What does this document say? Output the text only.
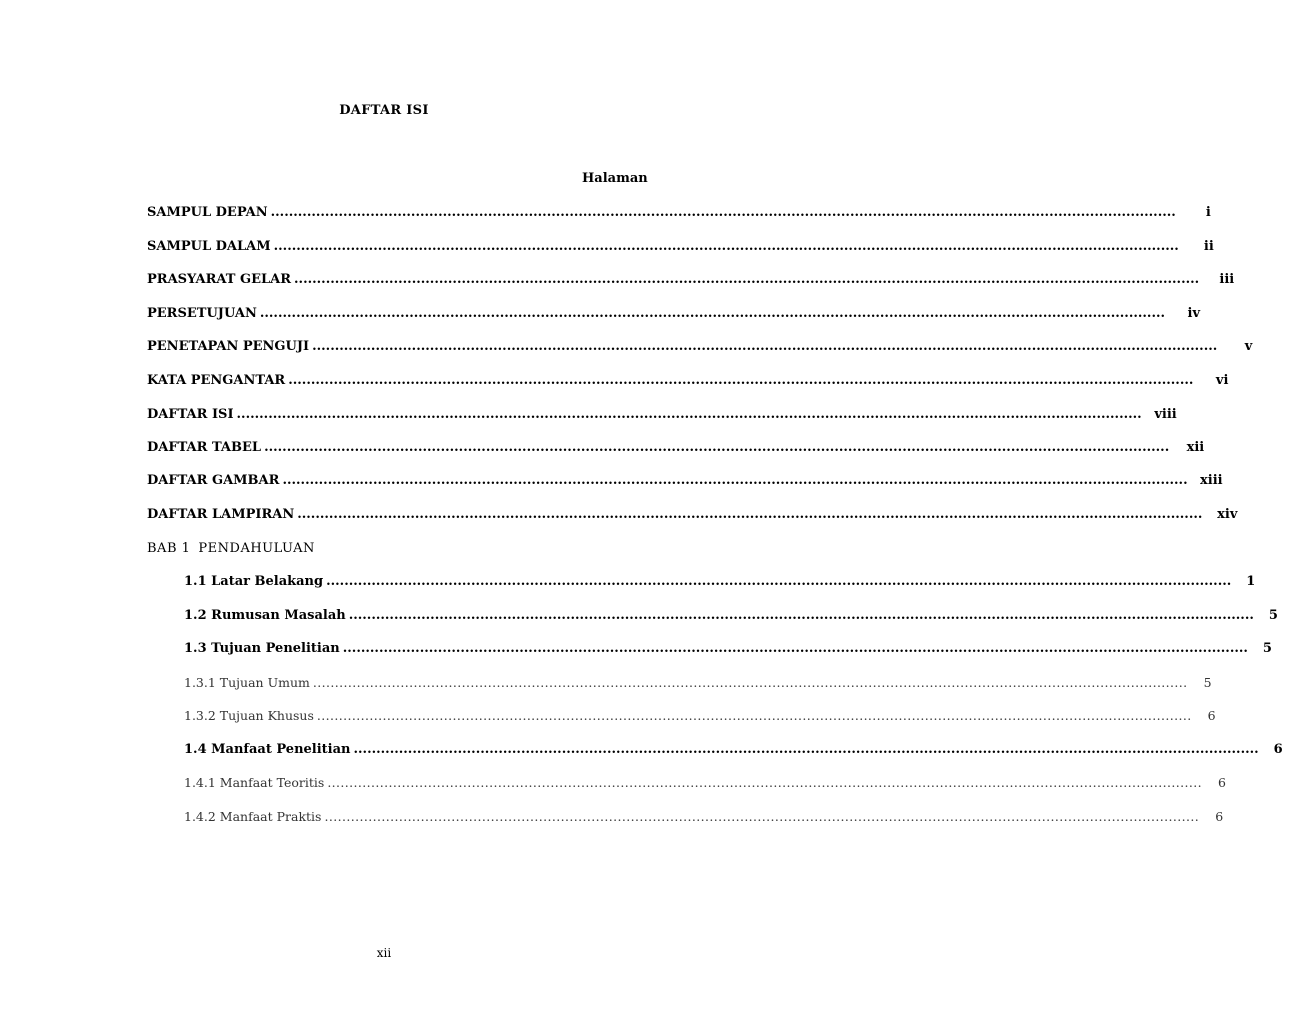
DAFTAR ISI
Halaman
SAMPUL DEPAN ........................................................................................................................................................................................................	i
SAMPUL DALAM ........................................................................................................................................................................................................	ii
PRASYARAT GELAR ........................................................................................................................................................................................................	iii
PERSETUJUAN ........................................................................................................................................................................................................	iv
PENETAPAN PENGUJI ........................................................................................................................................................................................................	v
KATA PENGANTAR ........................................................................................................................................................................................................	vi
DAFTAR ISI ........................................................................................................................................................................................................ viii
DAFTAR TABEL ........................................................................................................................................................................................................	xii
DAFTAR GAMBAR ........................................................................................................................................................................................................ xiii
DAFTAR LAMPIRAN ........................................................................................................................................................................................................	xiv
BAB 1 PENDAHULUAN
1.1 Latar Belakang ........................................................................................................................................................................................................	1
1.2 Rumusan Masalah ........................................................................................................................................................................................................	5
1.3 Tujuan Penelitian ........................................................................................................................................................................................................	5
1.3.1 Tujuan Umum ........................................................................................................................................................................................................	5
1.3.2 Tujuan Khusus ........................................................................................................................................................................................................	6
1.4 Manfaat Penelitian ........................................................................................................................................................................................................	6
1.4.1 Manfaat Teoritis ........................................................................................................................................................................................................	6
1.4.2 Manfaat Praktis ........................................................................................................................................................................................................	6
xii
